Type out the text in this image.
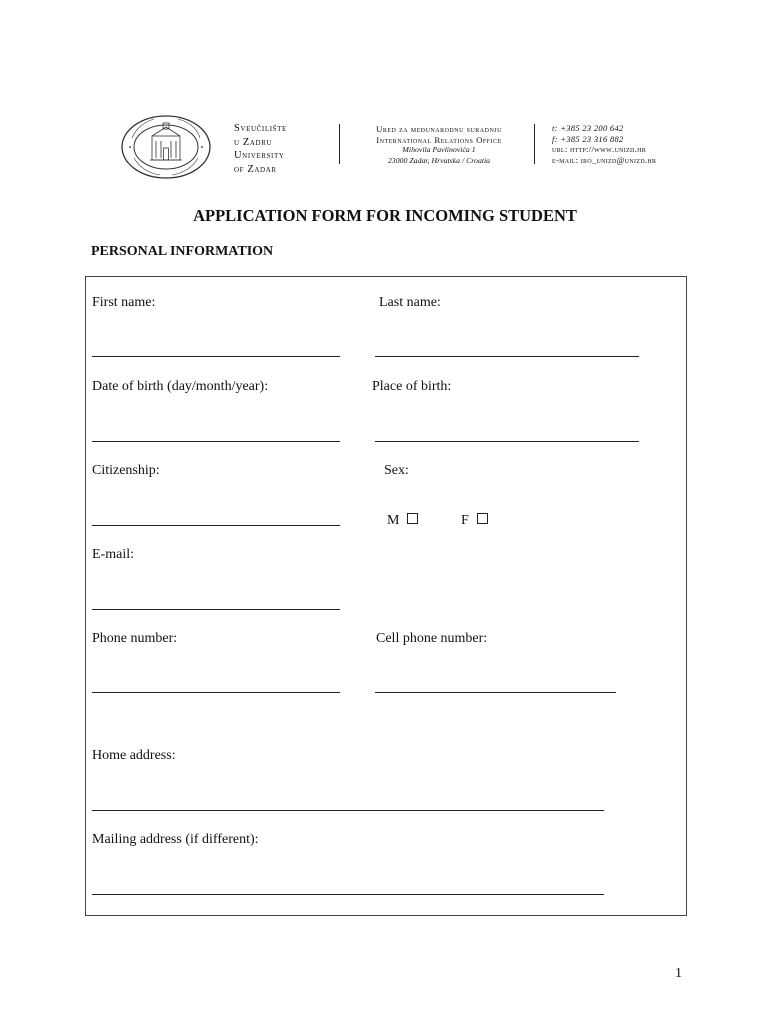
Sveučilište
u Zadru
University
of Zadar
Ured za međunarodnu suradnju
International Relations Office
Mihovila Pavlinovića 1
23000 Zadar, Hrvatska / Croatia
t: +385 23 200 642
f: +385 23 316 882
url: http://www.unizd.hr
e-mail: iro_unizd@unizd.hr
APPLICATION FORM FOR INCOMING STUDENT
PERSONAL INFORMATION
First name:	Last name:
Date of birth (day/month/year):	Place of birth:
Citizenship:	Sex:
M	F
E-mail:
Phone number:	Cell phone number:
Home address:
Mailing address (if different):
1
